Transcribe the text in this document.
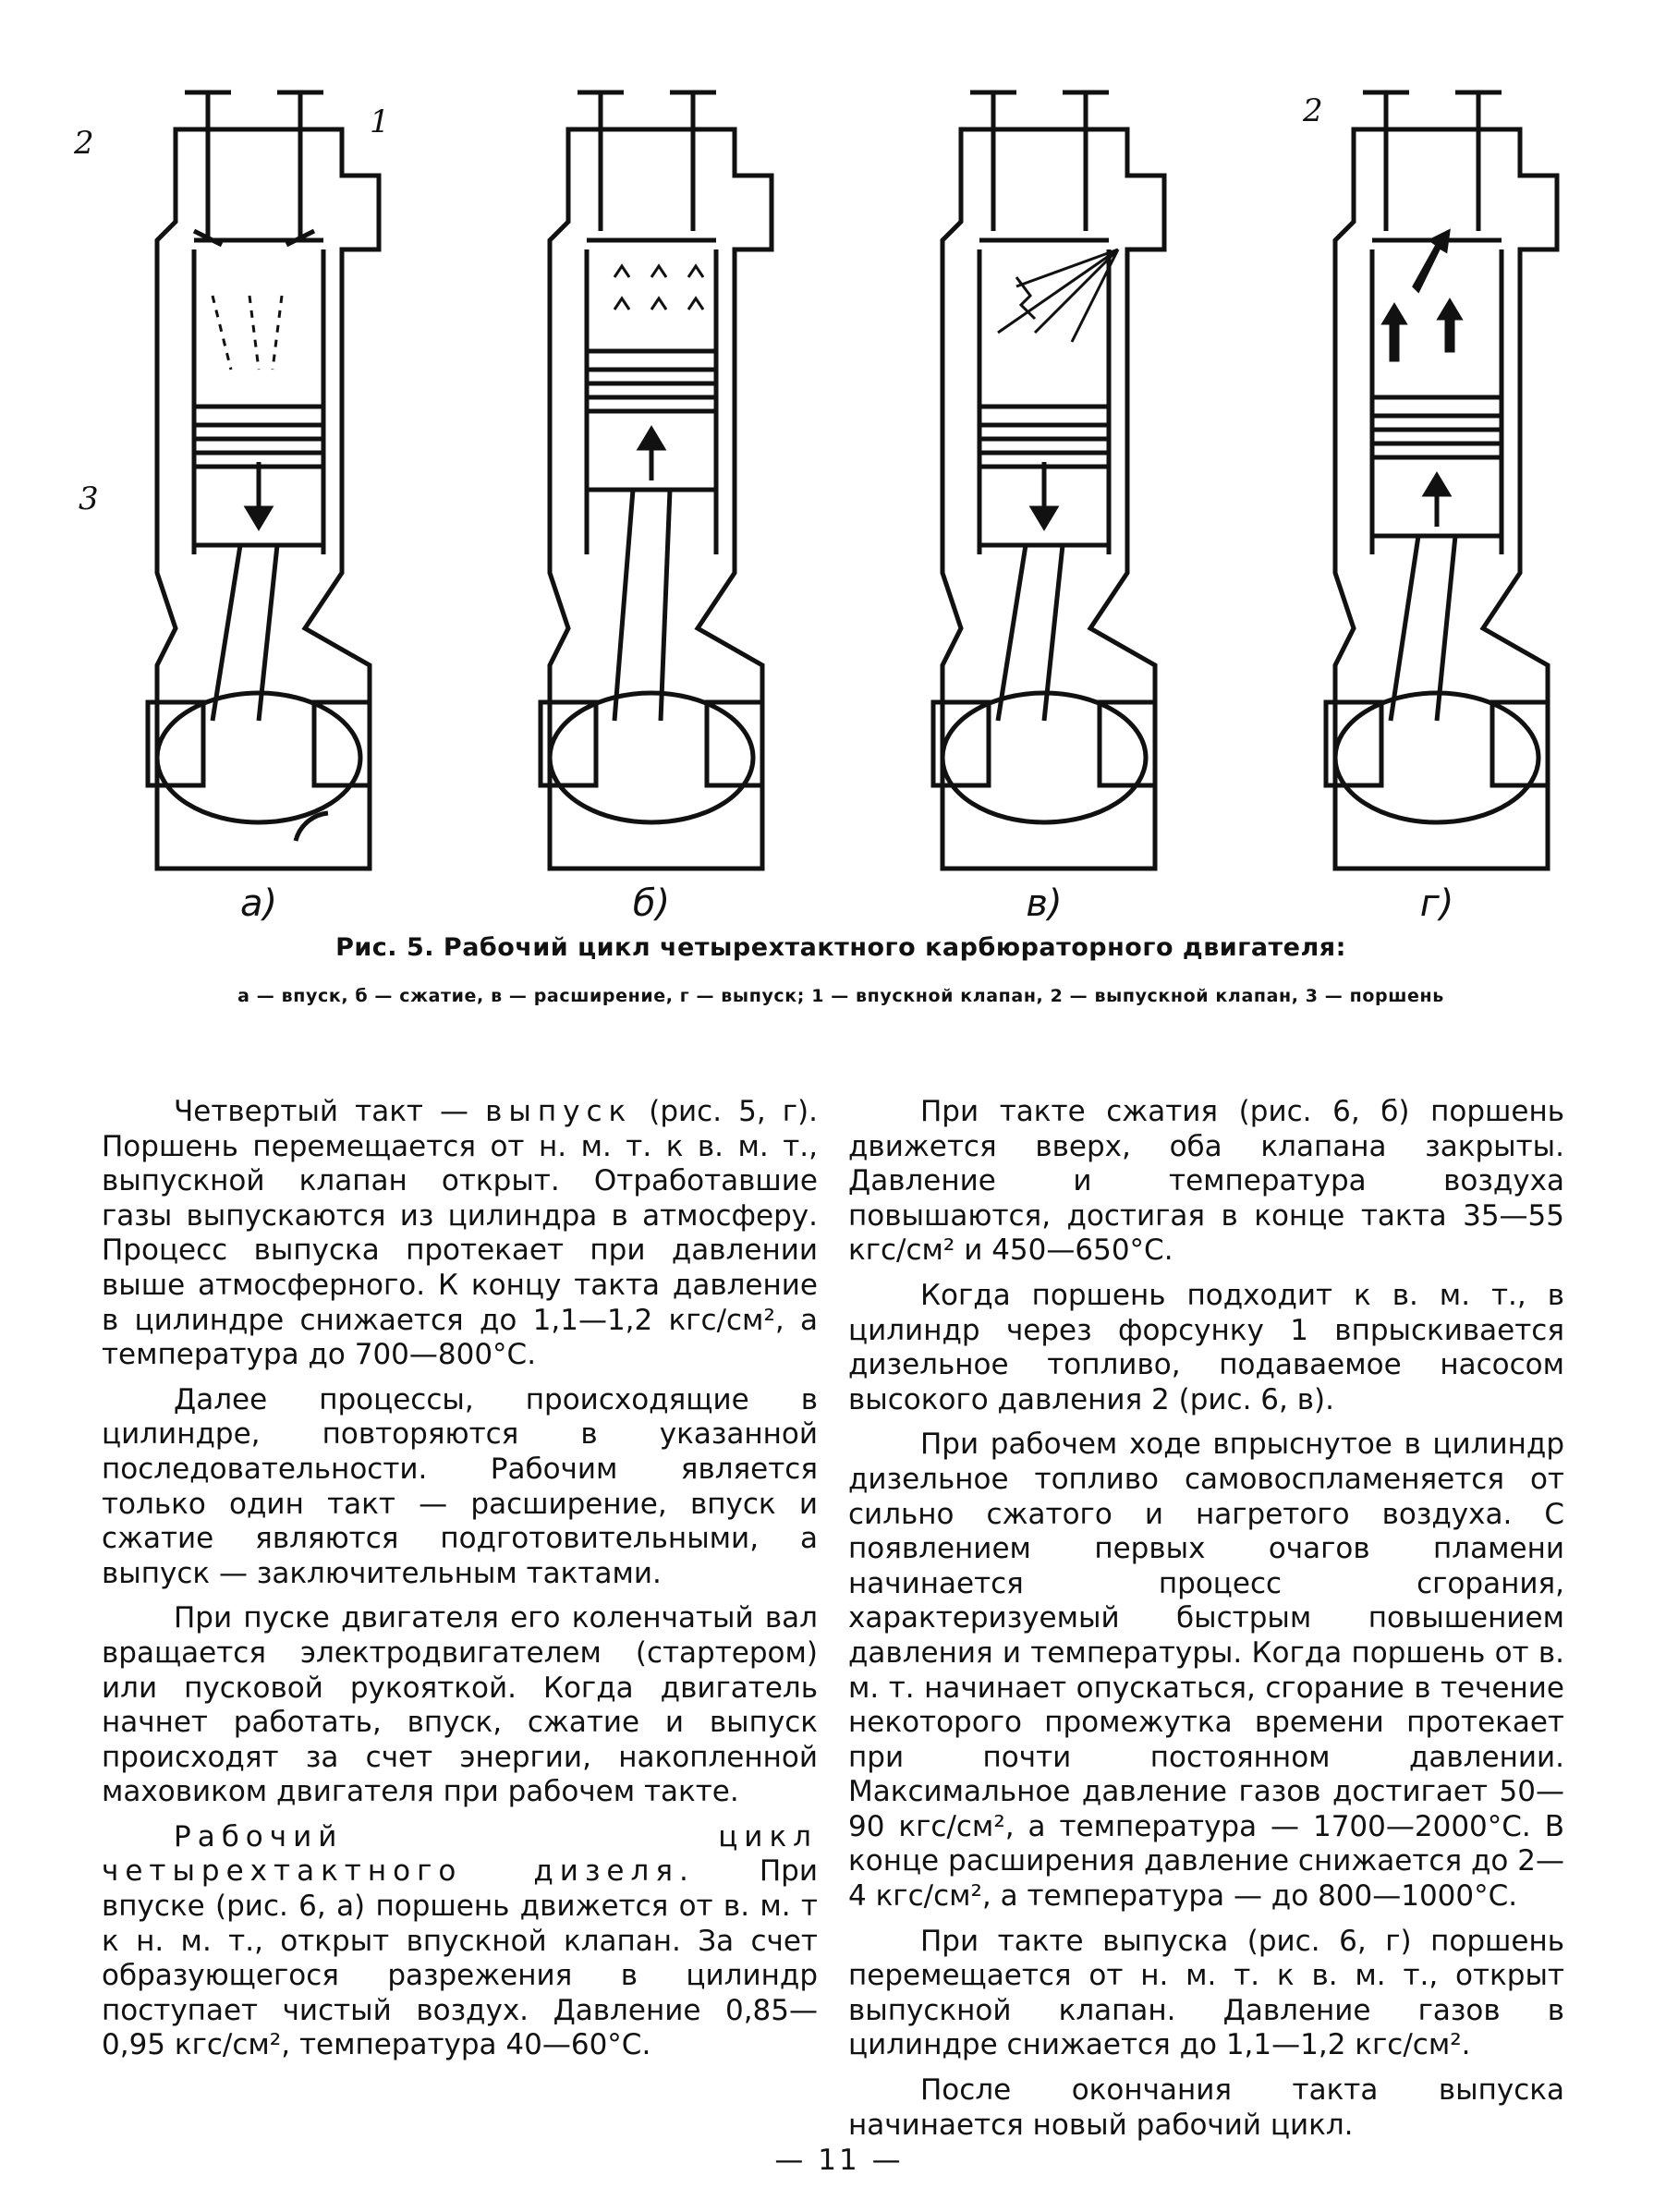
а)	б)	в)	г)
2
1
3
2
Рис. 5. Рабочий цикл четырехтактного карбюраторного двигателя:
а — впуск, б — сжатие, в — расширение, г — выпуск; 1 — впускной клапан, 2 — выпускной клапан, 3 — поршень

Четвертый такт — выпуск (рис. 5, г). Поршень перемещается от н. м. т. к в. м. т., выпускной клапан открыт. Отработавшие газы выпускаются из цилиндра в атмосферу. Процесс выпуска протекает при давлении выше атмосферного. К концу такта давление в цилиндре снижается до 1,1—1,2 кгс/см², а температура до 700—800°С.

Далее процессы, происходящие в цилиндре, повторяются в указанной последовательности. Рабочим является только один такт — расширение, впуск и сжатие являются подготовительными, а выпуск — заключительным тактами.

При пуске двигателя его коленчатый вал вращается электродвигателем (стартером) или пусковой рукояткой. Когда двигатель начнет работать, впуск, сжатие и выпуск происходят за счет энергии, накопленной маховиком двигателя при рабочем такте.

Рабочий цикл четырехтактного дизеля. При впуске (рис. 6, а) поршень движется от в. м. т к н. м. т., открыт впускной клапан. За счет образующегося разрежения в цилиндр поступает чистый воздух. Давление 0,85—0,95 кгс/см², температура 40—60°С.

При такте сжатия (рис. 6, б) поршень движется вверх, оба клапана закрыты. Давление и температура воздуха повышаются, достигая в конце такта 35—55 кгс/см² и 450—650°С.

Когда поршень подходит к в. м. т., в цилиндр через форсунку 1 впрыскивается дизельное топливо, подаваемое насосом высокого давления 2 (рис. 6, в).

При рабочем ходе впрыснутое в цилиндр дизельное топливо самовоспламеняется от сильно сжатого и нагретого воздуха. С появлением первых очагов пламени начинается процесс сгорания, характеризуемый быстрым повышением давления и температуры. Когда поршень от в. м. т. начинает опускаться, сгорание в течение некоторого промежутка времени протекает при почти постоянном давлении. Максимальное давление газов достигает 50—90 кгс/см², а температура — 1700—2000°С. В конце расширения давление снижается до 2—4 кгс/см², а температура — до 800—1000°С.

При такте выпуска (рис. 6, г) поршень перемещается от н. м. т. к в. м. т., открыт выпускной клапан. Давление газов в цилиндре снижается до 1,1—1,2 кгс/см².

После окончания такта выпуска начинается новый рабочий цикл.

— 11 —
